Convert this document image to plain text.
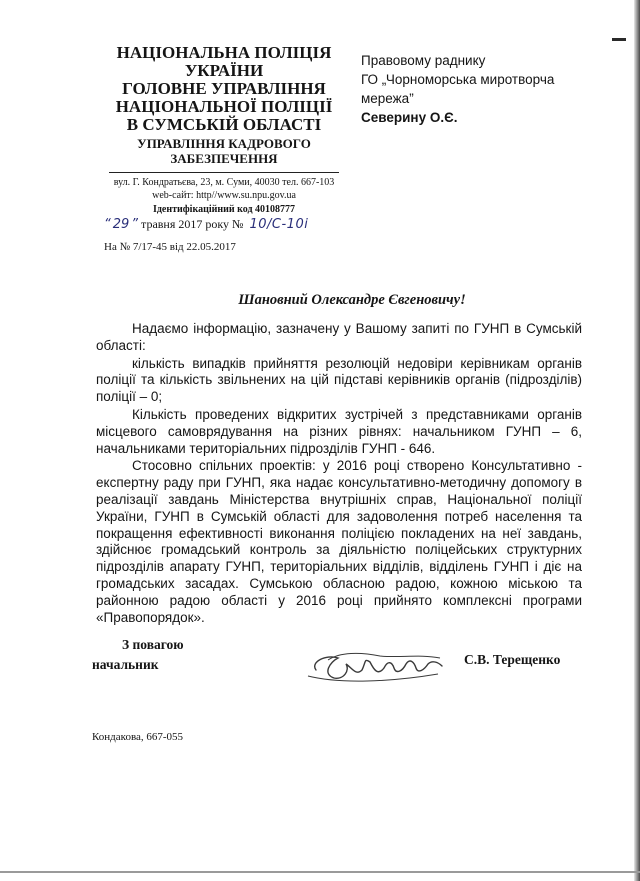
НАЦІОНАЛЬНА ПОЛІЦІЯ

УКРАЇНИ

ГОЛОВНЕ УПРАВЛІННЯ

НАЦІОНАЛЬНОЇ ПОЛІЦІЇ

В СУМСЬКІЙ ОБЛАСТІ

УПРАВЛІННЯ КАДРОВОГО

ЗАБЕЗПЕЧЕННЯ

вул. Г. Кондратьєва, 23, м. Суми, 40030 тел. 667-103

web-сайт: http//www.su.npu.gov.ua

Ідентифікаційний код 40108777

Правовому раднику

ГО „Чорноморська миротворча

мережа”

Северину О.Є.

“ 29 ” травня 2017 року № 10/С-10і
На № 7/17-45 від 22.05.2017
Шановний Олександре Євгеновичу!

Надаємо інформацію, зазначену у Вашому запиті по ГУНП в Сумській області:

кількість випадків прийняття резолюцій недовіри керівникам органів поліції та кількість звільнених на цій підставі керівників органів (підрозділів) поліції – 0;

Кількість проведених відкритих зустрічей з представниками органів місцевого самоврядування на різних рівнях: начальником ГУНП – 6, начальниками територіальних підрозділів ГУНП - 646.

Стосовно спільних проектів: у 2016 році створено Консультативно - експертну раду при ГУНП, яка надає консультативно-методичну допомогу в реалізації завдань Міністерства внутрішніх справ, Національної поліції України, ГУНП в Сумській області для задоволення потреб населення та покращення ефективності виконання поліцією покладених на неї завдань, здійснює громадський контроль за діяльністю поліцейських структурних підрозділів апарату ГУНП, територіальних відділів, відділень ГУНП і діє на громадських засадах. Сумською обласною радою, кожною міською та районною радою області у 2016 році прийнято комплексні програми «Правопорядок».

З повагою

начальник	С.В. Терещенко
Кондакова, 667-055
